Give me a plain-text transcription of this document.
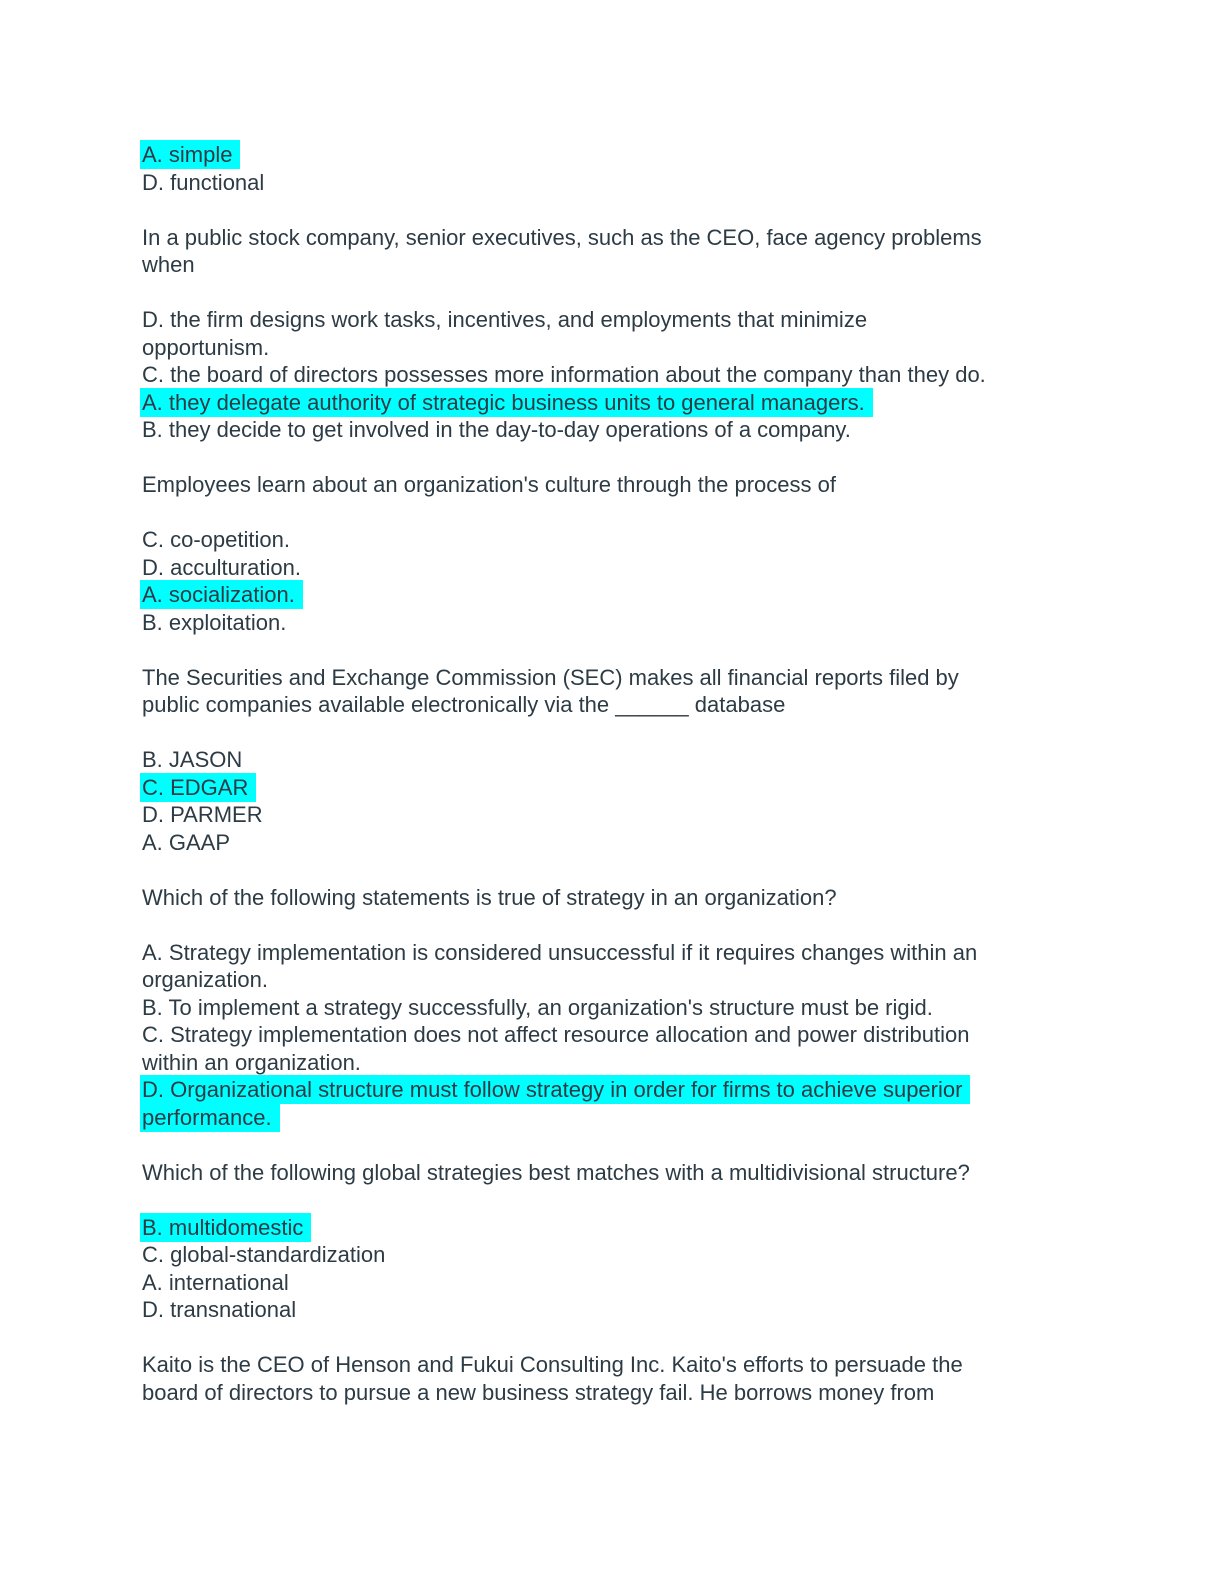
A. simple
D. functional
In a public stock company, senior executives, such as the CEO, face agency problems
when
D. the firm designs work tasks, incentives, and employments that minimize
opportunism.
C. the board of directors possesses more information about the company than they do.
A. they delegate authority of strategic business units to general managers.
B. they decide to get involved in the day-to-day operations of a company.
Employees learn about an organization's culture through the process of
C. co-opetition.
D. acculturation.
A. socialization.
B. exploitation.
The Securities and Exchange Commission (SEC) makes all financial reports filed by
public companies available electronically via the ______ database
B. JASON
C. EDGAR
D. PARMER
A. GAAP
Which of the following statements is true of strategy in an organization?
A. Strategy implementation is considered unsuccessful if it requires changes within an
organization.
B. To implement a strategy successfully, an organization's structure must be rigid.
C. Strategy implementation does not affect resource allocation and power distribution
within an organization.
D. Organizational structure must follow strategy in order for firms to achieve superior
performance.
Which of the following global strategies best matches with a multidivisional structure?
B. multidomestic
C. global-standardization
A. international
D. transnational
Kaito is the CEO of Henson and Fukui Consulting Inc. Kaito's efforts to persuade the
board of directors to pursue a new business strategy fail. He borrows money from
